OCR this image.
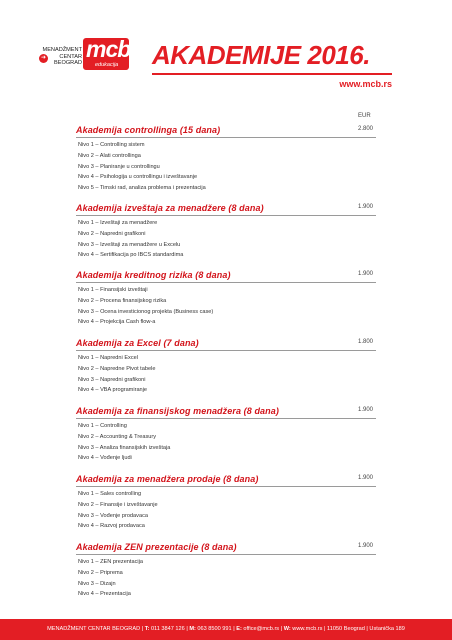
MENADŽMENT
CENTAR
BEOGRAD
➜ mcb
edukacija AKADEMIJE 2016.
www.mcb.rs
EUR
Akademija controllinga (15 dana)	2.800
Nivo 1 – Controlling sistem
Nivo 2 – Alati controllinga
Nivo 3 – Planiranje u controllingu
Nivo 4 – Psihologija u controllingu i izveštavanje
Nivo 5 – Timski rad, analiza problema i prezentacija
Akademija izveštaja za menadžere (8 dana)	1.900
Nivo 1 – Izveštaji za menadžere
Nivo 2 – Napredni grafikoni
Nivo 3 – Izveštaji za menadžere u Excelu
Nivo 4 – Sertifikacija po IBCS standardima
Akademija kreditnog rizika (8 dana)	1.900
Nivo 1 – Finansijski izveštaji
Nivo 2 – Procena finansijskog rizika
Nivo 3 – Ocena investicionog projekta (Business case)
Nivo 4 – Projekcija Cash flow-a
Akademija za Excel (7 dana)	1.800
Nivo 1 – Napredni Excel
Nivo 2 – Napredne Pivot tabele
Nivo 3 – Napredni grafikoni
Nivo 4 – VBA programiranje
Akademija za finansijskog menadžera (8 dana)	1.900
Nivo 1 – Controlling
Nivo 2 – Accounting & Treasury
Nivo 3 – Analiza finansijskih izveštaja
Nivo 4 – Vođenje ljudi
Akademija za menadžera prodaje (8 dana)	1.900
Nivo 1 – Sales controlling
Nivo 2 – Finansije i izveštavanje
Nivo 3 – Vođenje prodavaca
Nivo 4 – Razvoj prodavaca
Akademija ZEN prezentacije (8 dana)	1.900
Nivo 1 – ZEN prezentacija
Nivo 2 – Priprema
Nivo 3 – Dizajn
Nivo 4 – Prezentacija
MENADŽMENT CENTAR BEOGRAD | T: 011 3847 126 | M: 063 8500 991 | E: office@mcb.rs | W: www.mcb.rs | 11050 Beograd | Ustanička 189
